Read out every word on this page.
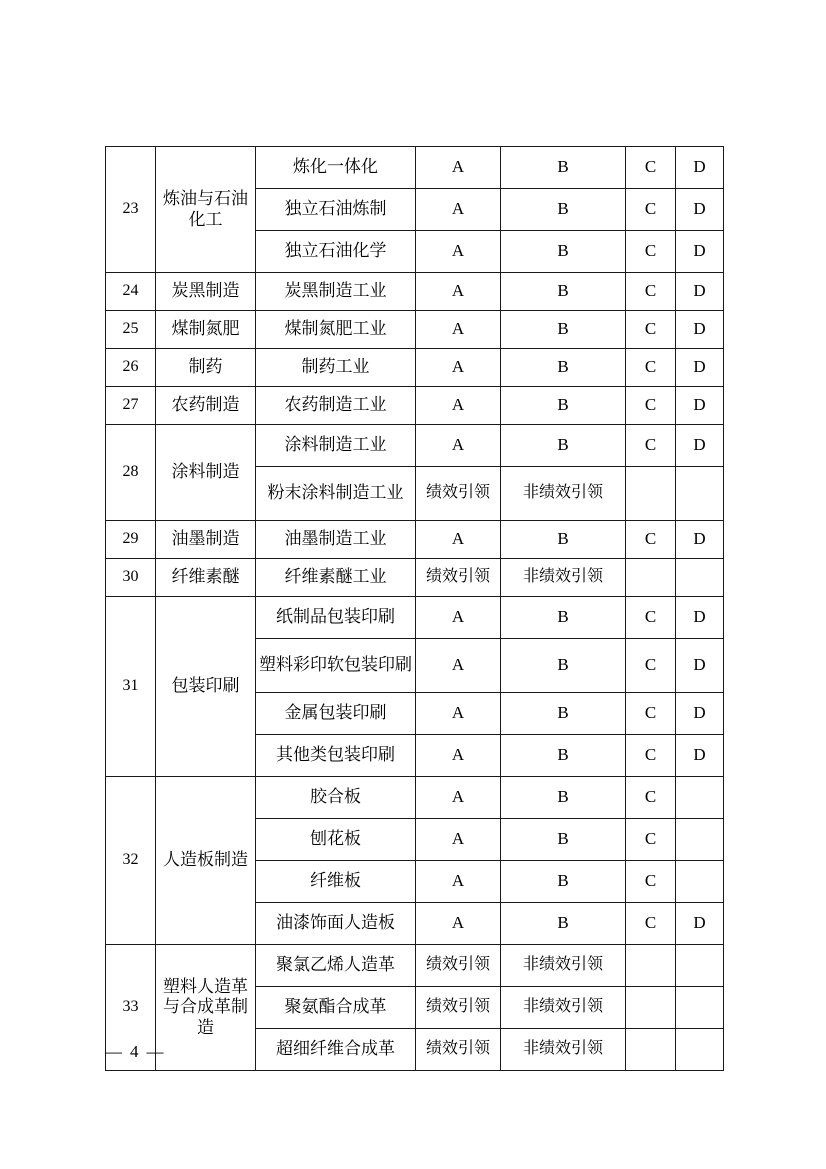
23	炼油与石油化工	炼化一体化	A	B	C	D
		独立石油炼制	A	B	C	D
		独立石油化学	A	B	C	D
24	炭黑制造	炭黑制造工业	A	B	C	D
25	煤制氮肥	煤制氮肥工业	A	B	C	D
26	制药	制药工业	A	B	C	D
27	农药制造	农药制造工业	A	B	C	D
28	涂料制造	涂料制造工业	A	B	C	D
		粉末涂料制造工业	绩效引领	非绩效引领		
29	油墨制造	油墨制造工业	A	B	C	D
30	纤维素醚	纤维素醚工业	绩效引领	非绩效引领		
31	包装印刷	纸制品包装印刷	A	B	C	D
		塑料彩印软包装印刷	A	B	C	D
		金属包装印刷	A	B	C	D
		其他类包装印刷	A	B	C	D
32	人造板制造	胶合板	A	B	C	
		刨花板	A	B	C	
		纤维板	A	B	C	
		油漆饰面人造板	A	B	C	D
33	塑料人造革与合成革制造	聚氯乙烯人造革	绩效引领	非绩效引领		
		聚氨酯合成革	绩效引领	非绩效引领		
		超细纤维合成革	绩效引领	非绩效引领		
— 4 —
